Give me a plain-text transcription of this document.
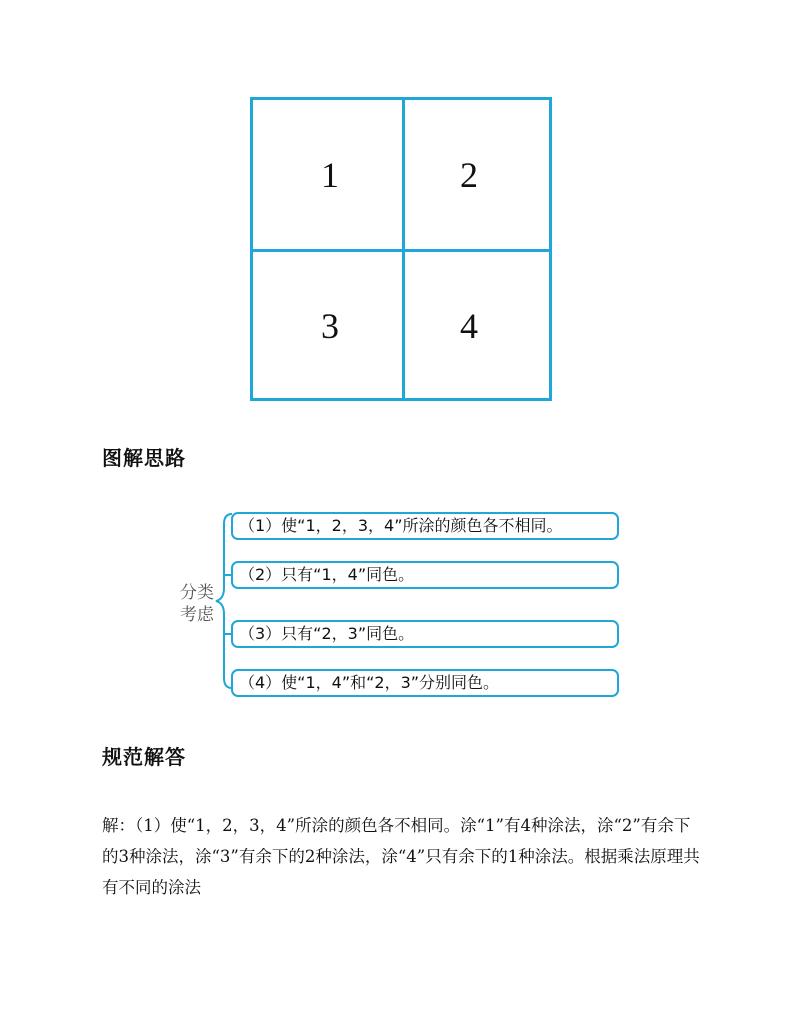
1	2
3	4
图解思路
分类考虑
（1）使“1，2，3，4”所涂的颜色各不相同。
（2）只有“1，4”同色。
（3）只有“2，3”同色。
（4）使“1，4”和“2，3”分别同色。
规范解答
解：（1）使“1，2，3，4”所涂的颜色各不相同。涂“1”有4种涂法，涂“2”有余下的3种涂法，涂“3”有余下的2种涂法，涂“4”只有余下的1种涂法。根据乘法原理共有不同的涂法
